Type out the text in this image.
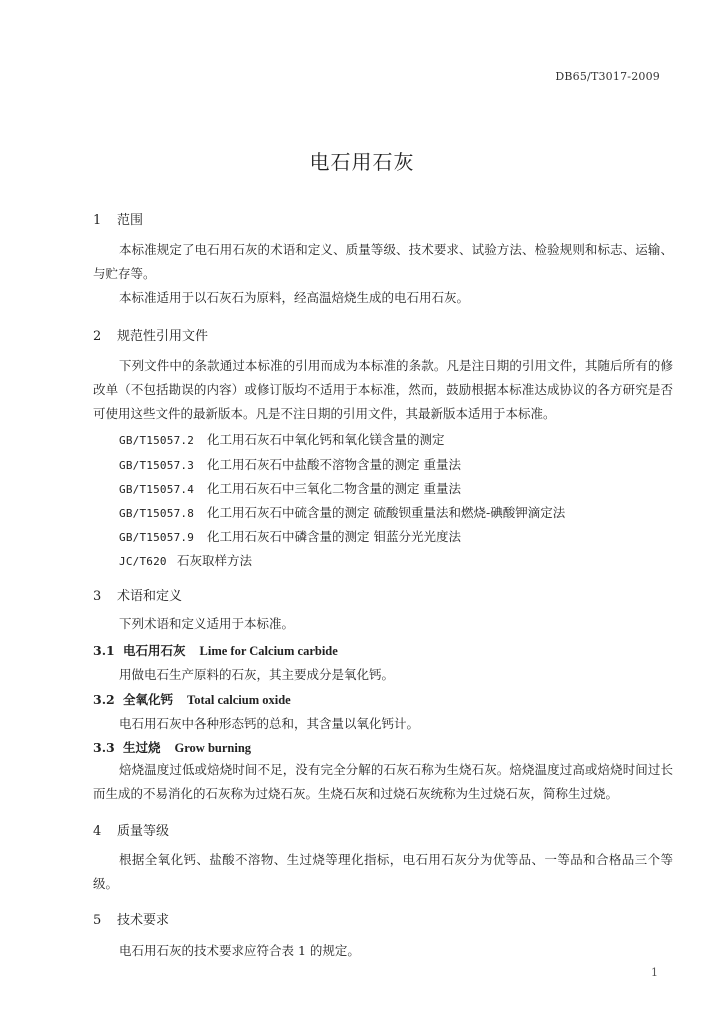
DB65/T3017-2009
电石用石灰
1 范围
本标准规定了电石用石灰的术语和定义、质量等级、技术要求、试验方法、检验规则和标志、运输、与贮存等。
本标准适用于以石灰石为原料，经高温焙烧生成的电石用石灰。
2 规范性引用文件
下列文件中的条款通过本标准的引用而成为本标准的条款。凡是注日期的引用文件，其随后所有的修改单（不包括勘误的内容）或修订版均不适用于本标准，然而，鼓励根据本标准达成协议的各方研究是否可使用这些文件的最新版本。凡是不注日期的引用文件，其最新版本适用于本标准。
GB/T15057.2 化工用石灰石中氧化钙和氧化镁含量的测定
GB/T15057.3 化工用石灰石中盐酸不溶物含量的测定 重量法
GB/T15057.4 化工用石灰石中三氧化二物含量的测定 重量法
GB/T15057.8 化工用石灰石中硫含量的测定 硫酸钡重量法和燃烧-碘酸钾滴定法
GB/T15057.9 化工用石灰石中磷含量的测定 钼蓝分光光度法
JC/T620 石灰取样方法
3 术语和定义
下列术语和定义适用于本标准。
3.1 电石用石灰 Lime for Calcium carbide
用做电石生产原料的石灰，其主要成分是氧化钙。
3.2 全氧化钙 Total calcium oxide
电石用石灰中各种形态钙的总和，其含量以氧化钙计。
3.3 生过烧 Grow burning
焙烧温度过低或焙烧时间不足，没有完全分解的石灰石称为生烧石灰。焙烧温度过高或焙烧时间过长而生成的不易消化的石灰称为过烧石灰。生烧石灰和过烧石灰统称为生过烧石灰，简称生过烧。
4 质量等级
根据全氧化钙、盐酸不溶物、生过烧等理化指标，电石用石灰分为优等品、一等品和合格品三个等级。
5 技术要求
电石用石灰的技术要求应符合表 1 的规定。
1
